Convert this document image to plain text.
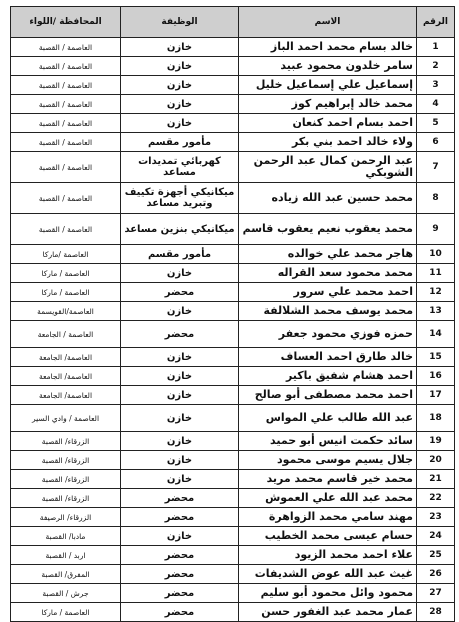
الرقم	الاسم	الوظيفة	المحافظة /اللواء
1	خالد بسام محمد احمد الباز	خازن	العاصمة / القصبة
2	سامر خلدون محمود عبيد	خازن	العاصمة / القصبة
3	إسماعيل علي إسماعيل خليل	خازن	العاصمة / القصبة
4	محمد خالد إبراهيم كوز	خازن	العاصمة / القصبة
5	احمد بسام احمد كنعان	خازن	العاصمة / القصبة
6	ولاء خالد احمد بني بكر	مأمور مقسم	العاصمة / القصبة
7	عبد الرحمن كمال عبد الرحمن الشوبكي	كهربائي تمديدات مساعد	العاصمة / القصبة
8	محمد حسين عبد الله زياده	ميكانيكي أجهزة تكييف وتبريد مساعد	العاصمة / القصبة
9	محمد يعقوب نعيم يعقوب قاسم	ميكانيكي بنزين مساعد	العاصمة / القصبة
10	هاجر محمد علي خوالده	مأمور مقسم	العاصمة /ماركا
11	محمد محمود سعد القراله	خازن	العاصمة / ماركا
12	احمد محمد علي سرور	محضر	العاصمة / ماركا
13	محمد يوسف محمد الشلالفة	خازن	العاصمة/القويسمة
14	حمزه فوزي محمود جعفر	محضر	العاصمة / الجامعة
15	خالد طارق احمد العساف	خازن	العاصمة/ الجامعة
16	احمد هشام شفيق باكير	خازن	العاصمة/ الجامعة
17	احمد محمد مصطفى أبو صالح	خازن	العاصمة/ الجامعة
18	عبد الله طالب علي المواس	خازن	العاصمة / وادي السير
19	سائد حكمت انيس أبو حميد	خازن	الزرقاء/ القصبة
20	جلال يسيم موسى محمود	خازن	الزرقاء/ القصبة
21	محمد خير قاسم محمد مريد	خازن	الزرقاء/ القصبة
22	محمد عبد الله علي العموش	محضر	الزرقاء/ القصبة
23	مهند سامي محمد الزواهرة	محضر	الزرقاء/ الرصيفة
24	حسام عيسى محمد الخطيب	خازن	مادبا/ القصبة
25	علاء احمد محمد الزيود	محضر	اربد / القصبة
26	غيث عبد الله عوض الشديفات	محضر	المفرق/ القصبة
27	محمود وائل محمود أبو سليم	محضر	جرش / القصبة
28	عمار محمد عبد الغفور حسن	محضر	العاصمة / ماركا
